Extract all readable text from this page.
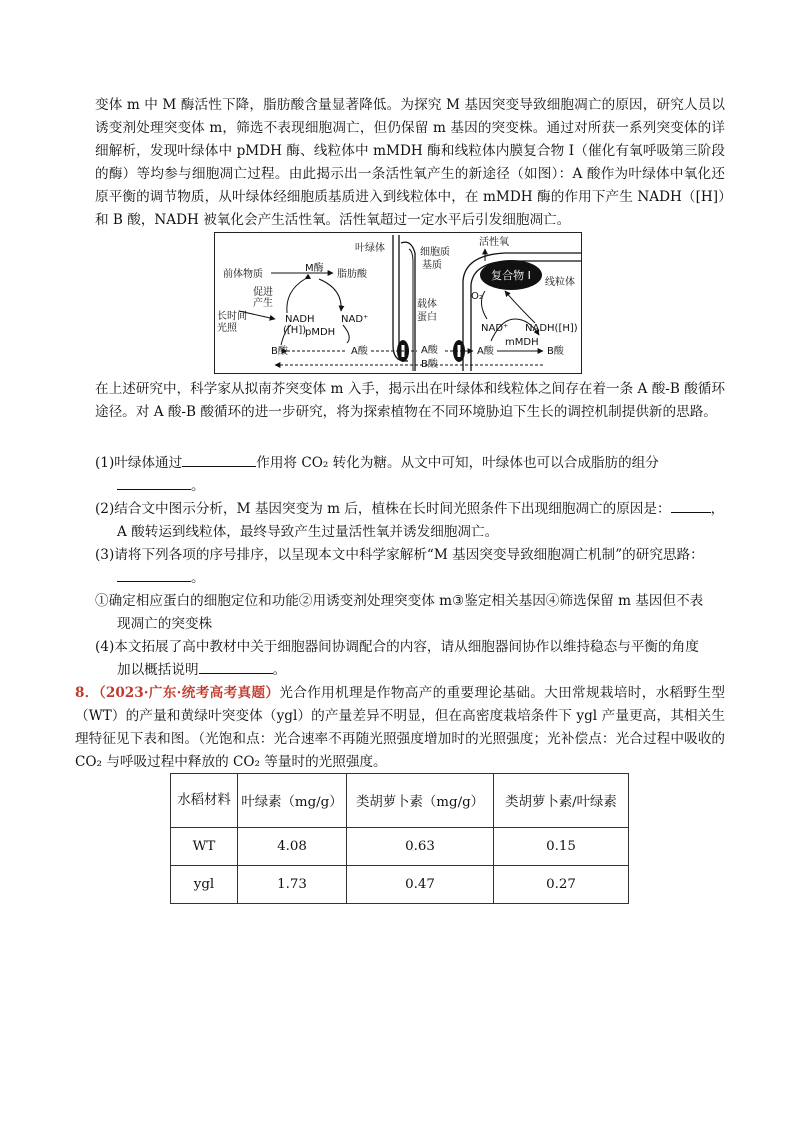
变体 m 中 M 酶活性下降，脂肪酸含量显著降低。为探究 M 基因突变导致细胞凋亡的原因，研究人员以诱变剂处理突变体 m，筛选不表现细胞凋亡，但仍保留 m 基因的突变株。通过对所获一系列突变体的详细解析，发现叶绿体中 pMDH 酶、线粒体中 mMDH 酶和线粒体内膜复合物 I（催化有氧呼吸第三阶段的酶）等均参与细胞凋亡过程。由此揭示出一条活性氧产生的新途径（如图）：A 酸作为叶绿体中氧化还原平衡的调节物质，从叶绿体经细胞质基质进入到线粒体中，在 mMDH 酶的作用下产生 NADH（[H]）和 B 酸，NADH 被氧化会产生活性氧。活性氧超过一定水平后引发细胞凋亡。
复合物 I
叶绿体	细胞质
基质
活性氧
线粒体
前体物质
M酶
脂肪酸
促进
产生
长时间
光照
NADH
([H])
NAD⁺
pMDH
B酸	A酸
载体
蛋白
A酸
B酸
A酸	B酸
NAD⁺ NADH([H])
mMDH
O₂
在上述研究中，科学家从拟南芥突变体 m 入手，揭示出在叶绿体和线粒体之间存在着一条 A 酸-B 酸循环途径。对 A 酸-B 酸循环的进一步研究，将为探索植物在不同环境胁迫下生长的调控机制提供新的思路。
(1)叶绿体通过	作用将 CO₂ 转化为糖。从文中可知，叶绿体也可以合成脂肪的组分
。
(2)结合文中图示分析，M 基因突变为 m 后，植株在长时间光照条件下出现细胞凋亡的原因是：	，
A 酸转运到线粒体，最终导致产生过量活性氧并诱发细胞凋亡。
(3)请将下列各项的序号排序，以呈现本文中科学家解析“M 基因突变导致细胞凋亡机制”的研究思路：
。
①确定相应蛋白的细胞定位和功能②用诱变剂处理突变体 m③鉴定相关基因④筛选保留 m 基因但不表
现凋亡的突变株
(4)本文拓展了高中教材中关于细胞器间协调配合的内容，请从细胞器间协作以维持稳态与平衡的角度
加以概括说明	。
8．（2023·广东·统考高考真题）光合作用机理是作物高产的重要理论基础。大田常规栽培时，水稻野生型（WT）的产量和黄绿叶突变体（ygl）的产量差异不明显，但在高密度栽培条件下 ygl 产量更高，其相关生理特征见下表和图。（光饱和点：光合速率不再随光照强度增加时的光照强度；光补偿点：光合过程中吸收的 CO₂ 与呼吸过程中释放的 CO₂ 等量时的光照强度。
水稻材料	叶绿素（mg/g）	类胡萝卜素（mg/g）	类胡萝卜素/叶绿素
WT	4.08	0.63	0.15
ygl	1.73	0.47	0.27
